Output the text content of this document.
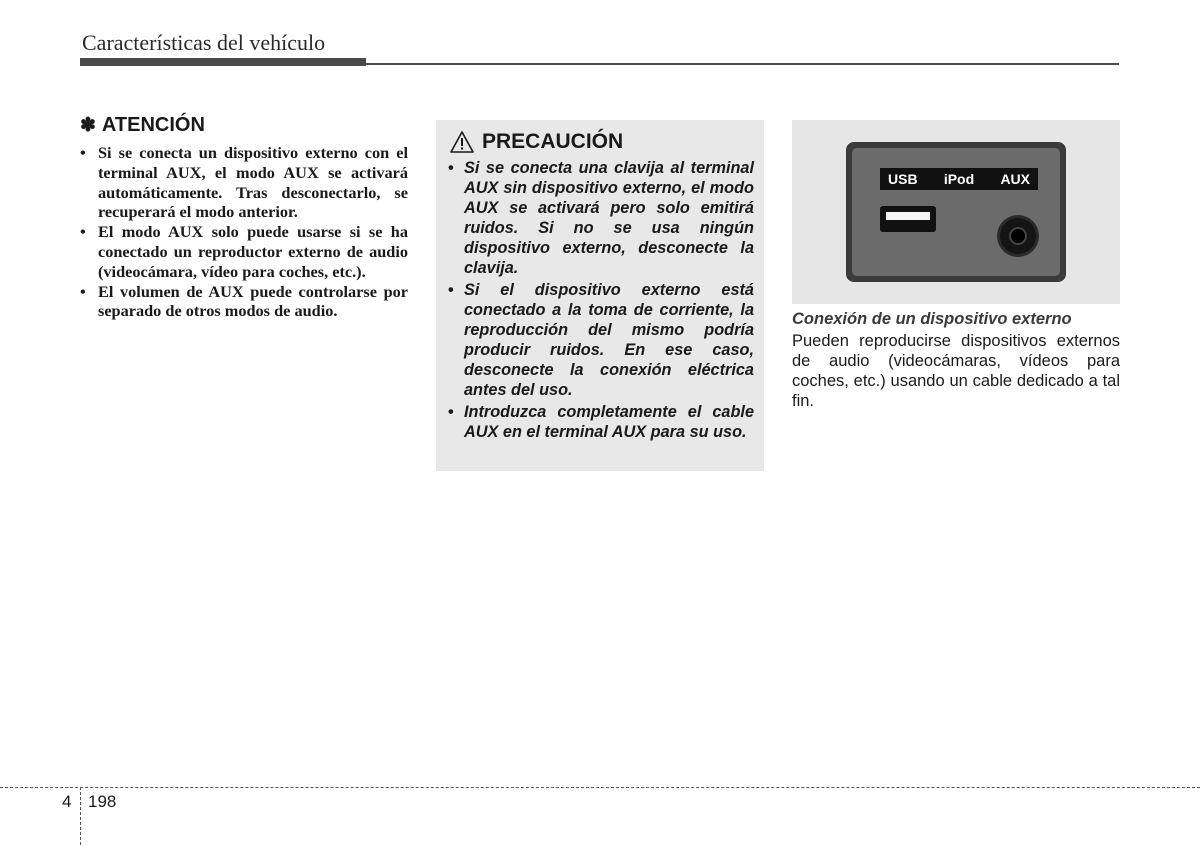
Características del vehículo
✽ ATENCIÓN
• Si se conecta un dispositivo externo con el terminal AUX, el modo AUX se activará automáticamente. Tras desconectarlo, se recuperará el modo anterior.
• El modo AUX solo puede usarse si se ha conectado un reproductor externo de audio (videocámara, vídeo para coches, etc.).
• El volumen de AUX puede controlarse por separado de otros modos de audio.
PRECAUCIÓN
• Si se conecta una clavija al terminal AUX sin dispositivo externo, el modo AUX se activará pero solo emitirá ruidos. Si no se usa ningún dispositivo externo, desconecte la clavija.
• Si el dispositivo externo está conectado a la toma de corriente, la reproducción del mismo podría producir ruidos. En ese caso, desconecte la conexión eléctrica antes del uso.
• Introduzca completamente el cable AUX en el terminal AUX para su uso.
USB iPod AUX
Conexión de un dispositivo externo
Pueden reproducirse dispositivos externos de audio (videocámaras, vídeos para coches, etc.) usando un cable dedicado a tal fin.
4 198
